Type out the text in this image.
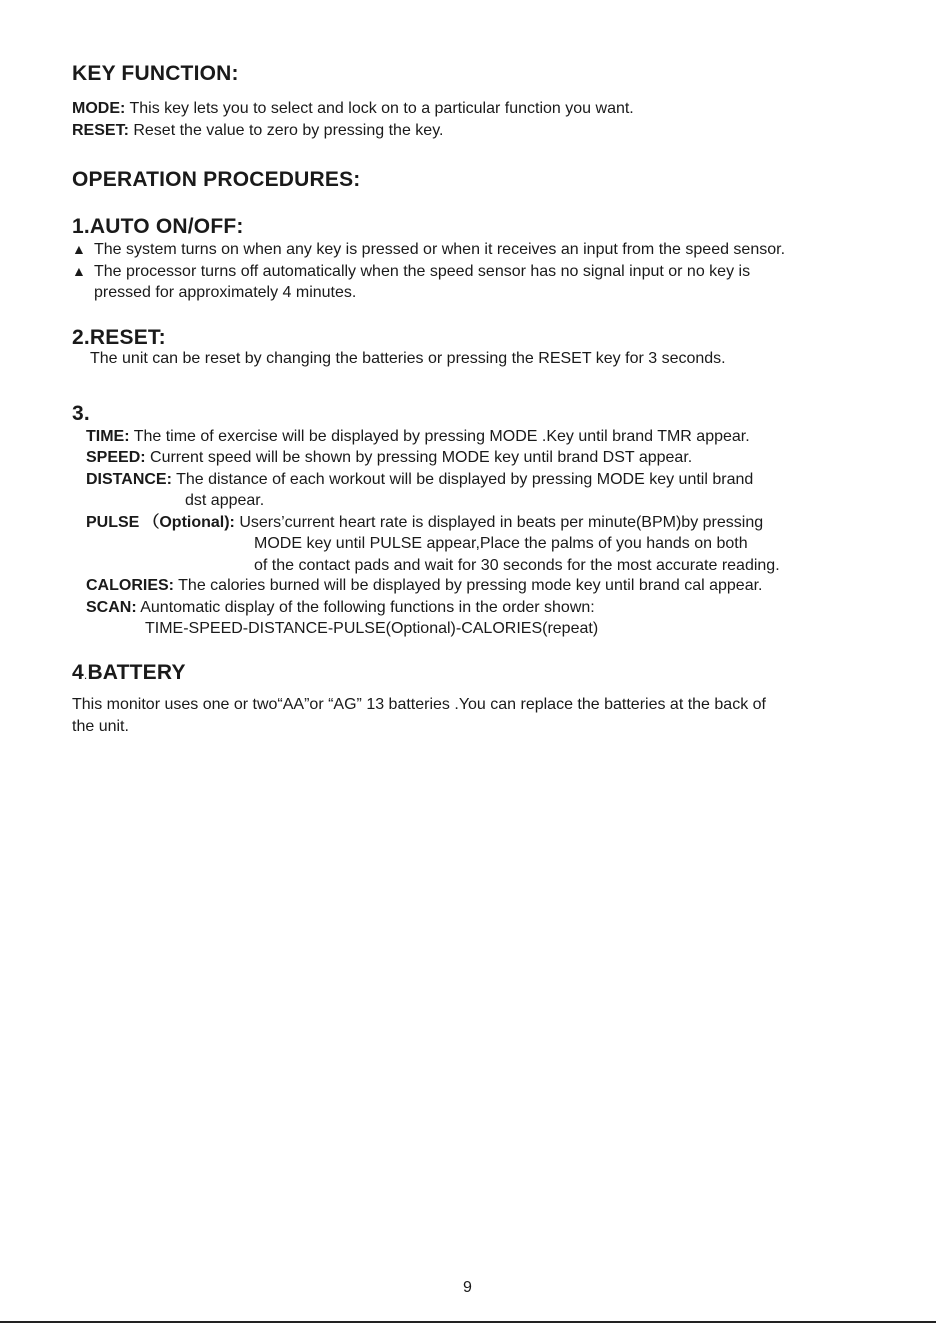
KEY FUNCTION:
MODE: This key lets you to select and lock on to a particular function you want.
RESET: Reset the value to zero by pressing the key.
OPERATION PROCEDURES:
1.AUTO ON/OFF:
▲ The system turns on when any key is pressed or when it receives an input from the speed sensor.
▲ The processor turns off automatically when the speed sensor has no signal input or no key is
pressed for approximately 4 minutes.
2.RESET:
The unit can be reset by changing the batteries or pressing the RESET key for 3 seconds.
3.
TIME: The time of exercise will be displayed by pressing MODE .Key until brand TMR appear.
SPEED: Current speed will be shown by pressing MODE key until brand DST appear.
DISTANCE: The distance of each workout will be displayed by pressing MODE key until brand
dst appear.
PULSE （Optional): Users’current heart rate is displayed in beats per minute(BPM)by pressing
MODE key until PULSE appear,Place the palms of you hands on both
of the contact pads and wait for 30 seconds for the most accurate reading.
CALORIES: The calories burned will be displayed by pressing mode key until brand cal appear.
SCAN: Auntomatic display of the following functions in the order shown:
TIME-SPEED-DISTANCE-PULSE(Optional)-CALORIES(repeat)
4.BATTERY
This monitor uses one or two“AA”or “AG” 13 batteries .You can replace the batteries at the back of
the unit.
9
